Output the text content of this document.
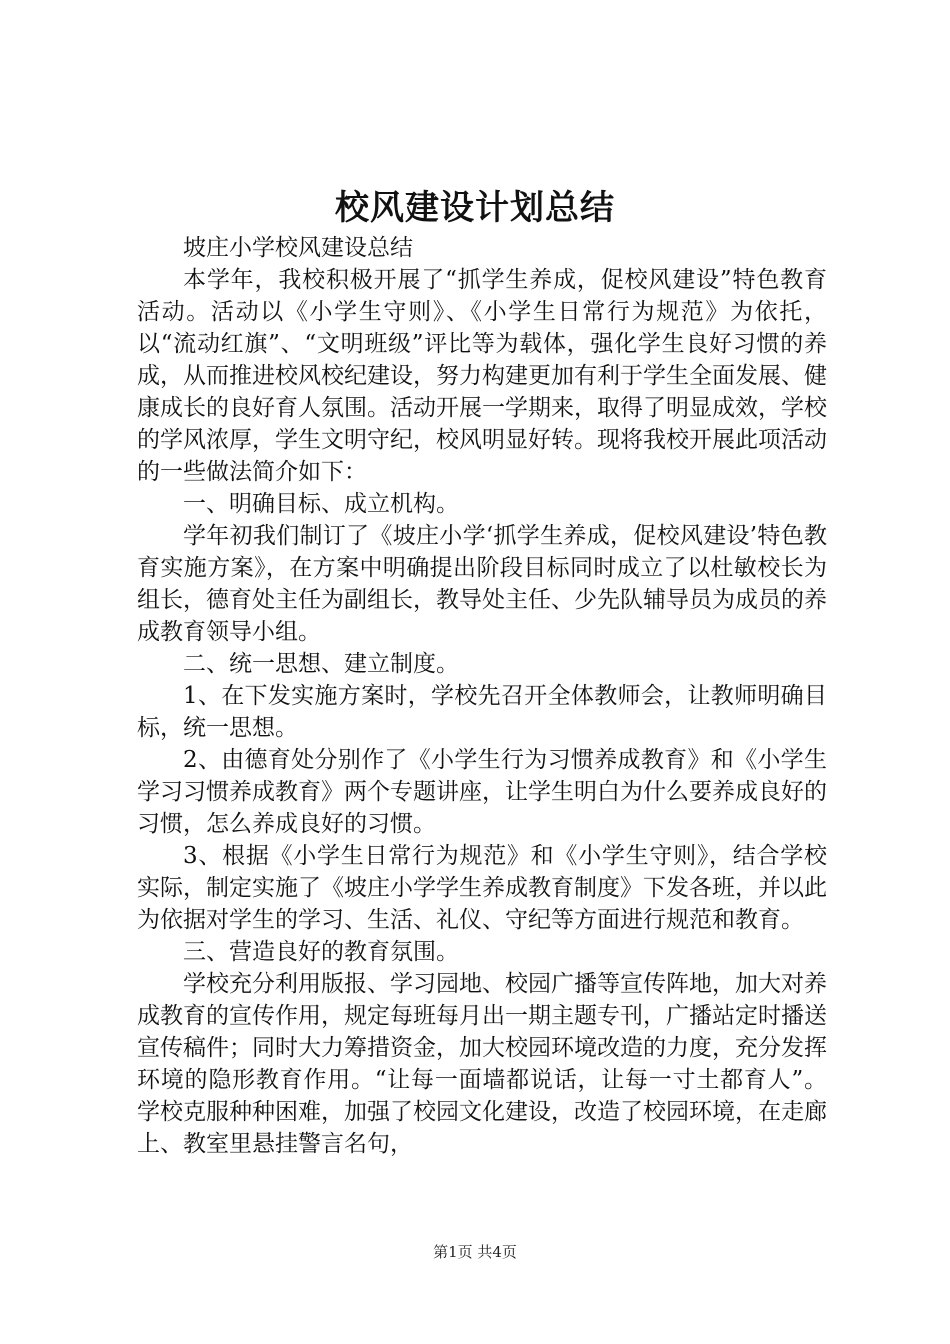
校风建设计划总结

坡庄小学校风建设总结

本学年，我校积极开展了“抓学生养成，促校风建设”特色教育活动。活动以《小学生守则》、《小学生日常行为规范》为依托，以“流动红旗”、“文明班级”评比等为载体，强化学生良好习惯的养成，从而推进校风校纪建设，努力构建更加有利于学生全面发展、健康成长的良好育人氛围。活动开展一学期来，取得了明显成效，学校的学风浓厚，学生文明守纪，校风明显好转。现将我校开展此项活动的一些做法简介如下：

一、明确目标、成立机构。

学年初我们制订了《坡庄小学‘抓学生养成，促校风建设’特色教育实施方案》，在方案中明确提出阶段目标同时成立了以杜敏校长为组长，德育处主任为副组长，教导处主任、少先队辅导员为成员的养成教育领导小组。

二、统一思想、建立制度。

1、在下发实施方案时，学校先召开全体教师会，让教师明确目标，统一思想。

2、由德育处分别作了《小学生行为习惯养成教育》和《小学生学习习惯养成教育》两个专题讲座，让学生明白为什么要养成良好的习惯，怎么养成良好的习惯。

3、根据《小学生日常行为规范》和《小学生守则》，结合学校实际，制定实施了《坡庄小学学生养成教育制度》下发各班，并以此为依据对学生的学习、生活、礼仪、守纪等方面进行规范和教育。

三、营造良好的教育氛围。

学校充分利用版报、学习园地、校园广播等宣传阵地，加大对养成教育的宣传作用，规定每班每月出一期主题专刊，广播站定时播送宣传稿件；同时大力筹措资金，加大校园环境改造的力度，充分发挥环境的隐形教育作用。“让每一面墙都说话，让每一寸土都育人”。学校克服种种困难，加强了校园文化建设，改造了校园环境，在走廊上、教室里悬挂警言名句，

第1页 共4页
